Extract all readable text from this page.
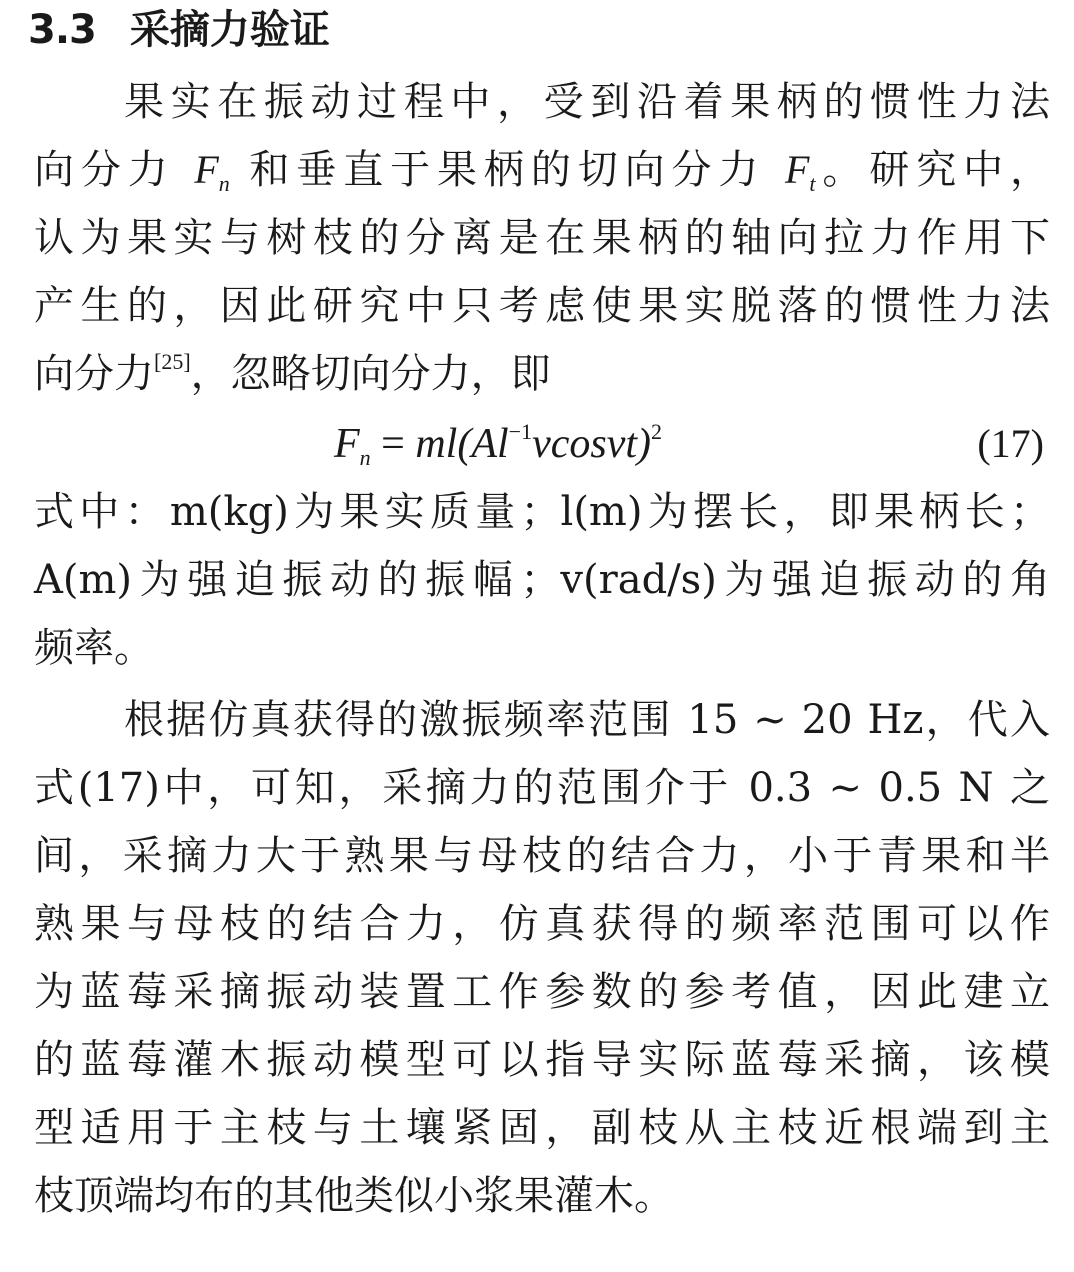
3.3 采摘力验证
果实在振动过程中，受到沿着果柄的惯性力法
向分力 $F_n$ 和垂直于果柄的切向分力 $F_t$。研究中，
认为果实与树枝的分离是在果柄的轴向拉力作用下
产生的，因此研究中只考虑使果实脱落的惯性力法
向分力[25]，忽略切向分力，即
$F_n = ml(Al^{-1}\nu\cos\nu t)^2$	(17)
式中：m(kg)为果实质量；l(m)为摆长，即果柄长；
A(m)为强迫振动的振幅；v(rad/s)为强迫振动的角
频率。
根据仿真获得的激振频率范围 15 ~ 20 Hz，代入
式(17)中，可知，采摘力的范围介于 0.3 ~ 0.5 N 之
间，采摘力大于熟果与母枝的结合力，小于青果和半
熟果与母枝的结合力，仿真获得的频率范围可以作
为蓝莓采摘振动装置工作参数的参考值，因此建立
的蓝莓灌木振动模型可以指导实际蓝莓采摘，该模
型适用于主枝与土壤紧固，副枝从主枝近根端到主
枝顶端均布的其他类似小浆果灌木。
